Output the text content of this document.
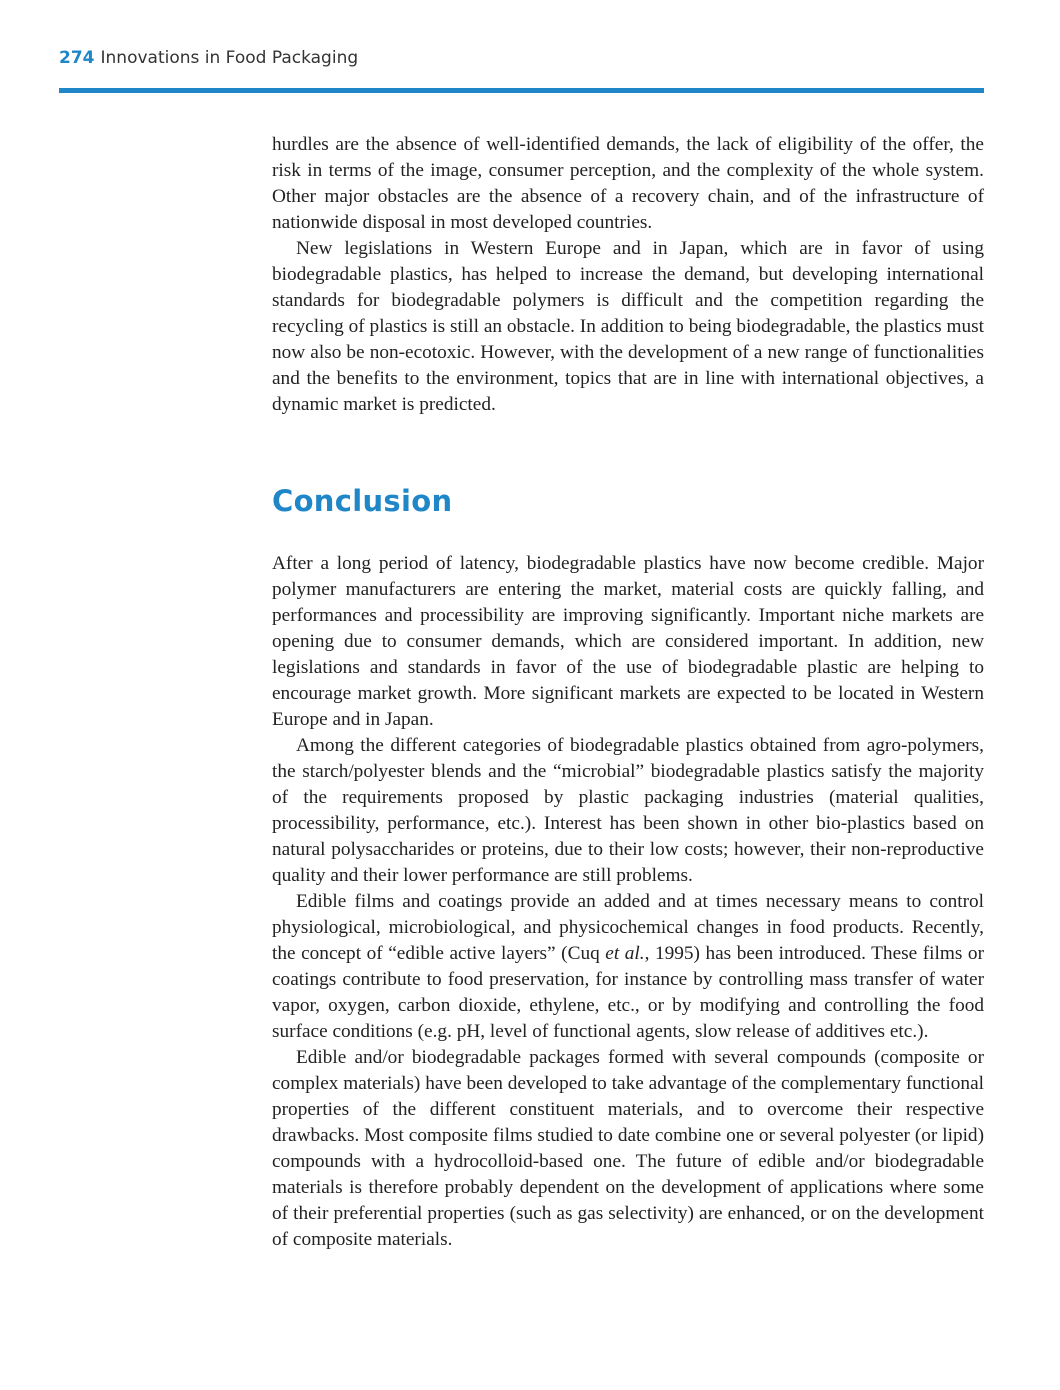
274 Innovations in Food Packaging

hurdles are the absence of well-identified demands, the lack of eligibility of the offer, the risk in terms of the image, consumer perception, and the complexity of the whole system. Other major obstacles are the absence of a recovery chain, and of the infrastructure of nationwide disposal in most developed countries.

New legislations in Western Europe and in Japan, which are in favor of using biodegradable plastics, has helped to increase the demand, but developing international standards for biodegradable polymers is difficult and the competition regarding the recycling of plastics is still an obstacle. In addition to being biodegradable, the plastics must now also be non-ecotoxic. However, with the development of a new range of functionalities and the benefits to the environment, topics that are in line with international objectives, a dynamic market is predicted.

Conclusion

After a long period of latency, biodegradable plastics have now become credible. Major polymer manufacturers are entering the market, material costs are quickly falling, and performances and processibility are improving significantly. Important niche markets are opening due to consumer demands, which are considered important. In addition, new legislations and standards in favor of the use of biodegradable plastic are helping to encourage market growth. More significant markets are expected to be located in Western Europe and in Japan.

Among the different categories of biodegradable plastics obtained from agro-polymers, the starch/polyester blends and the “microbial” biodegradable plastics satisfy the majority of the requirements proposed by plastic packaging industries (material qualities, processibility, performance, etc.). Interest has been shown in other bio-plastics based on natural polysaccharides or proteins, due to their low costs; however, their non-reproductive quality and their lower performance are still problems.

Edible films and coatings provide an added and at times necessary means to control physiological, microbiological, and physicochemical changes in food products. Recently, the concept of “edible active layers” (Cuq et al., 1995) has been introduced. These films or coatings contribute to food preservation, for instance by controlling mass transfer of water vapor, oxygen, carbon dioxide, ethylene, etc., or by modifying and controlling the food surface conditions (e.g. pH, level of functional agents, slow release of additives etc.).

Edible and/or biodegradable packages formed with several compounds (composite or complex materials) have been developed to take advantage of the complementary functional properties of the different constituent materials, and to overcome their respective drawbacks. Most composite films studied to date combine one or several polyester (or lipid) compounds with a hydrocolloid-based one. The future of edible and/or biodegradable materials is therefore probably dependent on the development of applications where some of their preferential properties (such as gas selectivity) are enhanced, or on the development of composite materials.
